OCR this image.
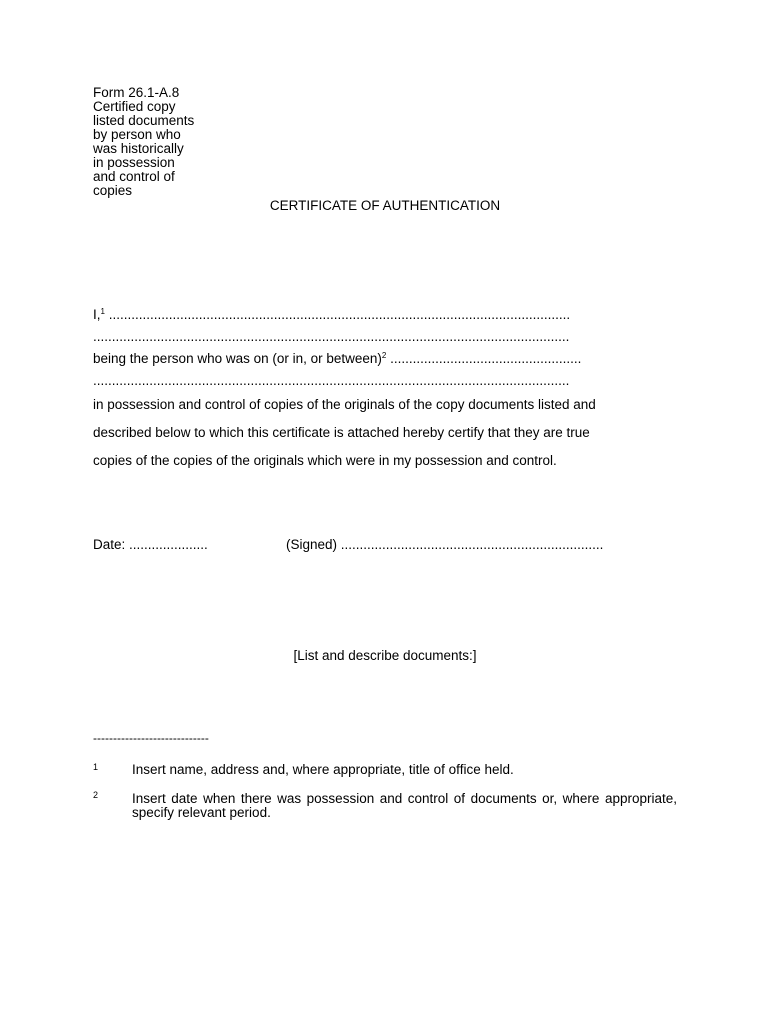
Form 26.1-A.8
Certified copy
listed documents
by person who
was historically
in possession
and control of
copies
CERTIFICATE OF AUTHENTICATION
I,$^1$ ...........................................................................................................................
...............................................................................................................................
being the person who was on (or in, or between)$^2$ ...................................................
...............................................................................................................................
in possession and control of copies of the originals of the copy documents listed and
described below to which this certificate is attached hereby certify that they are true
copies of the copies of the originals which were in my possession and control.
Date: .....................	(Signed) ......................................................................
[List and describe documents:]
-----------------------------
1	Insert name, address and, where appropriate, title of office held.
2	Insert date when there was possession and control of documents or, where appropriate, specify relevant period.
